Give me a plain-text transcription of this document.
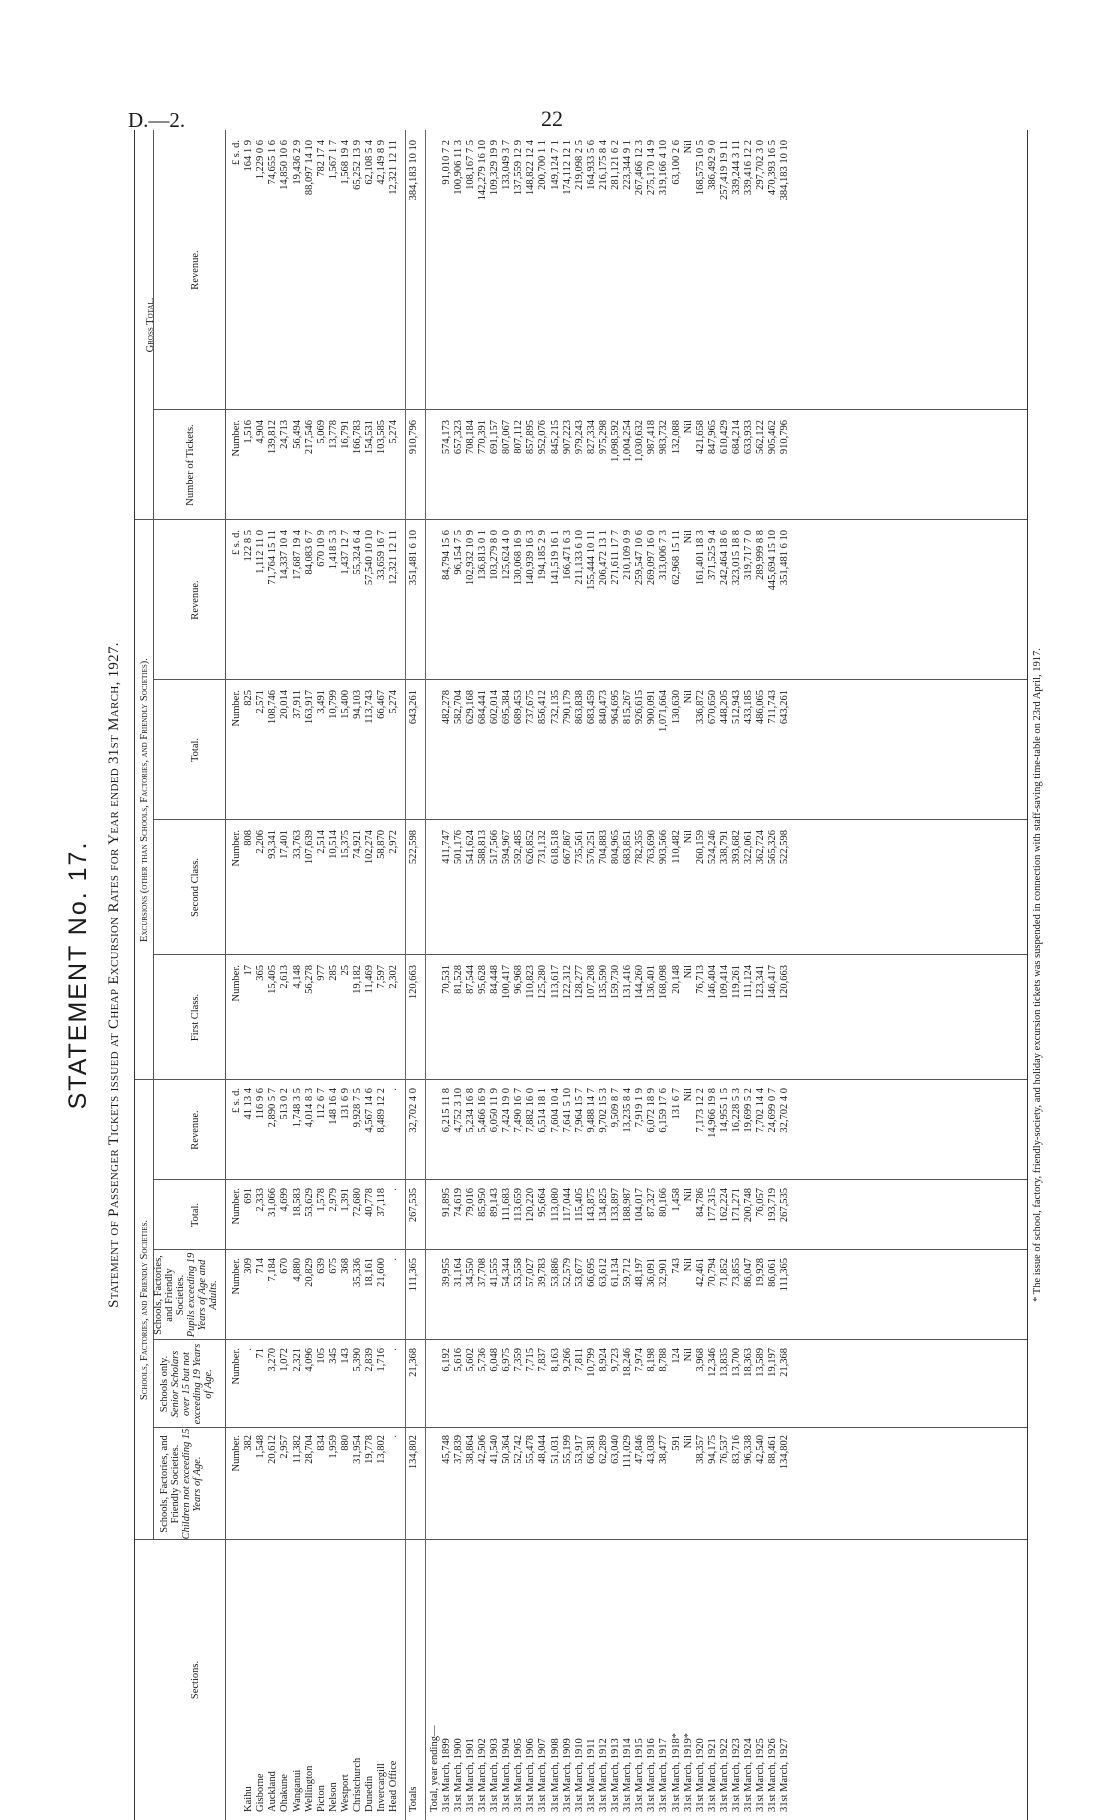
D.—2.	22
STATEMENT No. 17. Statement of Passenger Tickets issued at Cheap Excursion Rates for Year ended 31st March, 1927.
Schools, Factories, and Friendly Societies.
Excursions (other than Schools, Factories, and Friendly Societies).
Gross Total.
Sections.
Schools, Factories, and Friendly Societies. Children not exceeding 15 Years of Age.
Schools only. Senior Scholars over 15 but not exceeding 19 Years of Age.
Schools, Factories, and Friendly Societies. Pupils exceeding 19 Years of Age and Adults.
Total.
Revenue.
First Class.
Second Class.
Total.
Revenue.
Number of Tickets.
Revenue.
Number.
Number.
Number.
Number.
£ s. d.
Number.
Number.
Number.
£ s. d.
Number.
£ s. d.
Kaihu
382
.
309
691
41 13 4
17
808
825
122 8 5
1,516
164 1 9
Gisborne
1,548
71
714
2,333
116 9 6
365
2,206
2,571
1,112 11 0
4,904
1,229 0 6
Auckland
20,612
3,270
7,184
31,066
2,890 5 7
15,405
93,341
108,746
71,764 15 11
139,812
74,655 1 6
Ohakune
2,957
1,072
670
4,699
513 0 2
2,613
17,401
20,014
14,337 10 4
24,713
14,850 10 6
Wanganui
11,382
2,321
4,880
18,583
1,748 3 5
4,148
33,763
37,911
17,687 19 4
56,494
19,436 2 9
Wellington
28,704
4,096
20,829
53,629
4,014 8 3
56,278
107,639
163,917
84,083 6 7
217,546
88,097 14 10
Picton
834
105
639
1,578
112 6 7
977
2,514
3,491
670 10 9
5,069
782 17 4
Nelson
1,959
345
675
2,979
148 16 4
285
10,514
10,799
1,418 5 3
13,778
1,567 1 7
Westport
880
143
368
1,391
131 6 9
25
15,375
15,400
1,437 12 7
16,791
1,568 19 4
Christchurch
31,954
5,390
35,336
72,680
9,928 7 5
19,182
74,921
94,103
55,324 6 4
166,783
65,252 13 9
Dunedin
19,778
2,839
18,161
40,778
4,567 14 6
11,469
102,274
113,743
57,540 10 10
154,531
62,108 5 4
Invercargill
13,802
1,716
21,600
37,118
8,489 12 2
7,597
58,870
66,467
33,659 16 7
103,585
42,149 8 9
Head Office
.
.
.
.
.
2,302
2,972
5,274
12,321 12 11
5,274
12,321 12 11
Totals
134,802
21,368
111,365
267,535
32,702 4 0
120,663
522,598
643,261
351,481 6 10
910,796
384,183 10 10
Total, year ending— 31st March, 1899
45,748
6,192
39,955
91,895
6,215 11 8
70,531
411,747
482,278
84,794 15 6
574,173
91,010 7 2
31st March, 1900
37,839
5,616
31,164
74,619
4,752 3 10
81,528
501,176
582,704
96,154 7 5
657,323
100,906 11 3
31st March, 1901
38,864
5,602
34,550
79,016
5,234 16 8
87,544
541,624
629,168
102,932 10 9
708,184
108,167 7 5
31st March, 1902
42,506
5,736
37,708
85,950
5,466 16 9
95,628
588,813
684,441
136,813 0 1
770,391
142,279 16 10
31st March, 1903
41,540
6,048
41,555
89,143
6,050 11 9
84,448
517,566
602,014
103,279 8 0
691,157
109,329 19 9
31st March, 1904
50,364
6,975
54,344
111,683
7,424 19 0
100,417
594,967
695,384
125,624 4 0
807,067
133,049 3 7
31st March, 1905
52,742
7,359
53,558
113,659
7,490 16 7
96,968
592,485
689,453
130,068 16 9
807,112
137,559 12 9
31st March, 1906
55,478
7,715
57,027
120,220
7,882 16 0
110,823
626,852
737,675
140,939 16 3
857,895
148,822 12 4
31st March, 1907
48,044
7,837
39,783
95,664
6,514 18 1
125,280
731,132
856,412
194,185 2 9
952,076
200,700 1 1
31st March, 1908
51,031
8,163
53,886
113,080
7,604 10 4
113,617
618,518
732,135
141,519 16 1
845,215
149,124 7 1
31st March, 1909
55,199
9,266
52,579
117,044
7,641 5 10
122,312
667,867
790,179
166,471 6 3
907,223
174,112 12 1
31st March, 1910
53,917
7,811
53,677
115,405
7,964 15 7
128,277
735,561
863,838
211,133 6 10
979,243
219,098 2 5
31st March, 1911
66,381
10,799
66,695
143,875
9,488 14 7
107,208
576,251
683,459
155,444 10 11
827,334
164,933 5 6
31st March, 1912
62,289
8,924
63,612
134,825
9,702 15 3
135,590
704,883
840,473
206,472 13 1
975,298
216,175 8 4
31st March, 1913
63,040
9,723
61,134
133,897
9,509 8 7
159,730
804,965
964,695
271,611 17 7
1,098,592
281,121 6 2
31st March, 1914
111,029
18,246
59,712
188,987
13,235 8 4
131,416
683,851
815,267
210,109 0 9
1,004,254
223,344 9 1
31st March, 1915
47,846
7,974
48,197
104,017
7,919 1 9
144,260
782,355
926,615
259,547 10 6
1,030,632
267,466 12 3
31st March, 1916
43,038
8,198
36,091
87,327
6,072 18 9
136,401
763,690
900,091
269,097 16 0
987,418
275,170 14 9
31st March, 1917
38,477
8,788
32,901
80,166
6,159 17 6
168,098
903,566
1,071,664
313,006 7 3
983,732
319,166 4 10
31st March, 1918*
591
124
743
1,458
131 6 7
20,148
110,482
130,630
62,968 15 11
132,088
63,100 2 6
31st March, 1919*
Nil
Nil
Nil
Nil
Nil
Nil
Nil
Nil
Nil
Nil
Nil
31st March, 1920
38,357
3,968
42,461
84,786
7,173 12 2
76,713
260,159
336,872
161,401 18 3
421,658
168,575 10 5
31st March, 1921
94,175
12,346
70,794
177,315
14,966 19 8
146,404
524,246
670,650
371,525 9 4
847,965
386,492 9 0
31st March, 1922
76,537
13,835
71,852
162,224
14,955 1 5
109,414
338,791
448,205
242,464 18 6
610,429
257,419 19 11
31st March, 1923
83,716
13,700
73,855
171,271
16,228 5 3
119,261
393,682
512,943
323,015 18 8
684,214
339,244 3 11
31st March, 1924
96,338
18,363
86,047
200,748
19,699 5 2
111,124
322,061
433,185
319,717 7 0
633,933
339,416 12 2
31st March, 1925
42,540
13,589
19,928
76,057
7,702 14 4
123,341
362,724
486,065
289,999 8 8
562,122
297,702 3 0
31st March, 1926
88,461
19,197
86,061
193,719
24,699 0 7
146,417
565,326
711,743
445,694 15 10
905,462
470,393 16 5
31st March, 1927
134,802
21,368
111,365
267,535
32,702 4 0
120,663
522,598
643,261
351,481 6 10
910,796
384,183 10 10
* The issue of school, factory, friendly-society, and holiday excursion tickets was suspended in connection with staff-saving time-table on 23rd April, 1917.
